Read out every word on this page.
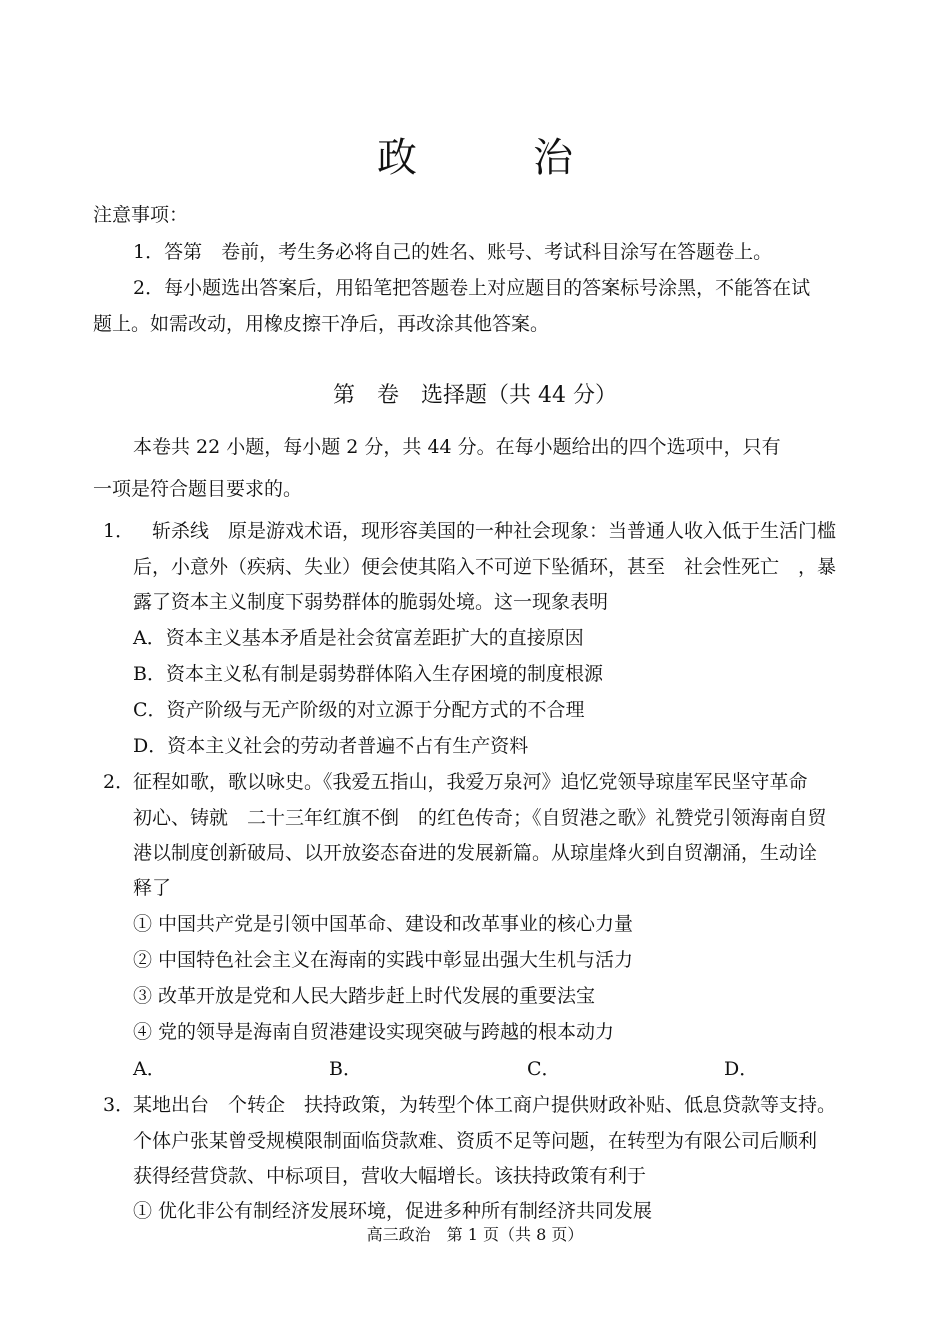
政　治
注意事项：
1．答第　卷前，考生务必将自己的姓名、账号、考试科目涂写在答题卷上。
2．每小题选出答案后，用铅笔把答题卷上对应题目的答案标号涂黑，不能答在试
题上。如需改动，用橡皮擦干净后，再改涂其他答案。
第　卷　选择题（共 44 分）
本卷共 22 小题，每小题 2 分，共 44 分。在每小题给出的四个选项中，只有
一项是符合题目要求的。
1．
　斩杀线　原是游戏术语，现形容美国的一种社会现象：当普通人收入低于生活门槛
后，小意外（疾病、失业）便会使其陷入不可逆下坠循环，甚至　社会性死亡　，暴
露了资本主义制度下弱势群体的脆弱处境。这一现象表明
A．资本主义基本矛盾是社会贫富差距扩大的直接原因
B．资本主义私有制是弱势群体陷入生存困境的制度根源
C．资产阶级与无产阶级的对立源于分配方式的不合理
D．资本主义社会的劳动者普遍不占有生产资料
2．
征程如歌，歌以咏史。《我爱五指山，我爱万泉河》追忆党领导琼崖军民坚守革命
初心、铸就　二十三年红旗不倒　的红色传奇；《自贸港之歌》礼赞党引领海南自贸
港以制度创新破局、以开放姿态奋进的发展新篇。从琼崖烽火到自贸潮涌，生动诠
释了
① 中国共产党是引领中国革命、建设和改革事业的核心力量
② 中国特色社会主义在海南的实践中彰显出强大生机与活力
③ 改革开放是党和人民大踏步赶上时代发展的重要法宝
④ 党的领导是海南自贸港建设实现突破与跨越的根本动力
A．	B．	C．	D．
3．
某地出台　个转企　扶持政策，为转型个体工商户提供财政补贴、低息贷款等支持。
个体户张某曾受规模限制面临贷款难、资质不足等问题，在转型为有限公司后顺利
获得经营贷款、中标项目，营收大幅增长。该扶持政策有利于
① 优化非公有制经济发展环境，促进多种所有制经济共同发展
高三政治　第 1 页（共 8 页）
